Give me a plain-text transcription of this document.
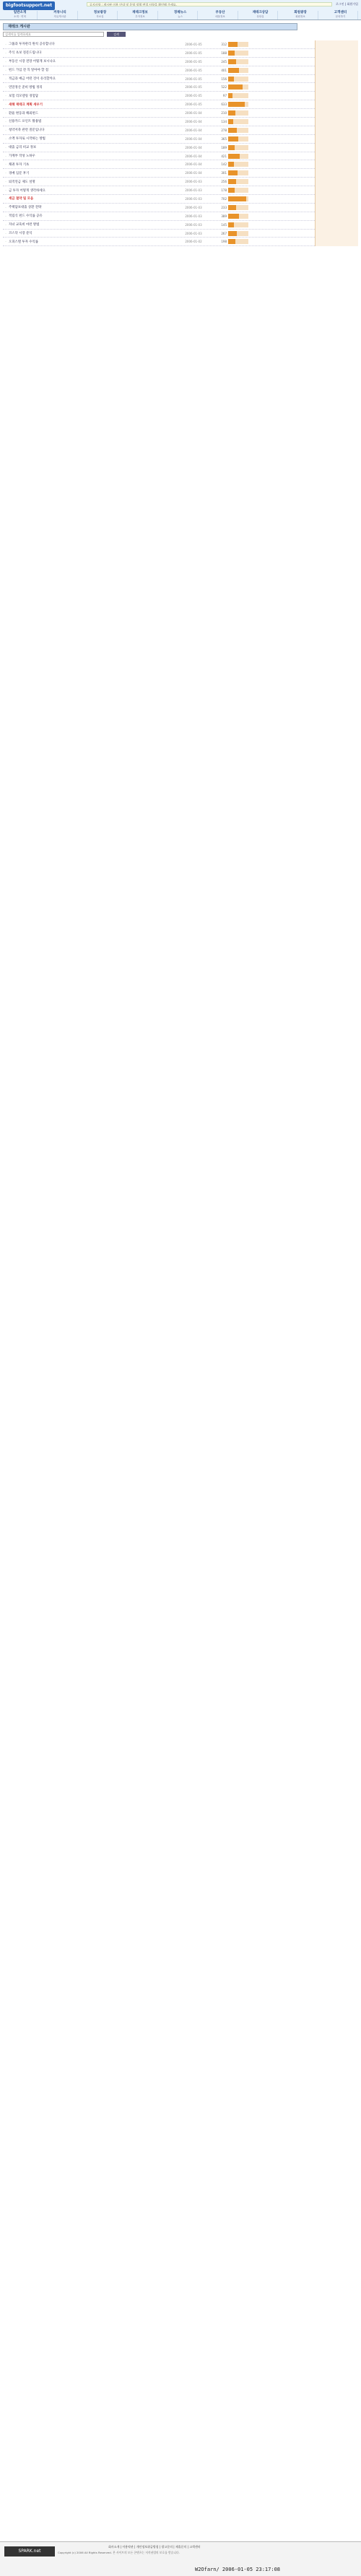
bigfootsupport.net	공지사항 : 게시판 이용 안내 및 운영 정책 변경 사항을 확인해 주세요.	로그인 | 회원가입
일반소개
소개 · 연혁
커뮤니티
자유게시판
정보광장
자료실
재테크정보
투자정보
경제뉴스
뉴스
부동산
매물정보
재테크상담
상담실
회원광장
회원정보
고객센터
문의하기
재테크 게시판
검색어를 입력하세요
검색
· 그룹과 투자관리 원칙 공유합니다	2006-01-05	312
· 주식 초보 질문드립니다	2006-01-05	188
· 부동산 시장 전망 어떻게 보시나요	2006-01-05	245
· 펀드 가입 전 꼭 알아야 할 점	2006-01-05	401
· 적금과 예금 어떤 것이 유리할까요	2006-01-05	156
· 연말정산 준비 방법 정리	2006-01-05	522
· 보험 리모델링 경험담	2006-01-05	97
· 새해 재테크 계획 세우기	2006-01-05	633
· 환율 변동과 해외펀드	2006-01-04	210
· 신용카드 포인트 활용법	2006-01-04	134
· 청약저축 관련 질문입니다	2006-01-04	278
· 소액 투자로 시작하는 방법	2006-01-04	365
· 대출 금리 비교 정보	2006-01-04	189
· 가계부 작성 노하우	2006-01-04	421
· 채권 투자 기초	2006-01-04	142
· 경매 입문 후기	2006-01-04	301
· 퇴직연금 제도 설명	2006-01-03	256
· 금 투자 어떻게 생각하세요	2006-01-03	178
· 세금 절약 팁 모음	2006-01-03	702
· 주택담보대출 상환 전략	2006-01-03	233
· 적립식 펀드 수익률 공유	2006-01-03	389
· 자녀 교육비 마련 방법	2006-01-03	145
· 코스닥 시장 분석	2006-01-03	267
· 오피스텔 투자 수익률	2006-01-02	198
SPARK.net
회사소개 | 이용약관 | 개인정보취급방침 | 광고문의 | 제휴문의 | 고객센터
Copyright (c) 2006 All Rights Reserved. 본 사이트의 모든 콘텐츠는 저작권법의 보호를 받습니다.
W2Ofarn/ 2006-01-05 23:17:08
